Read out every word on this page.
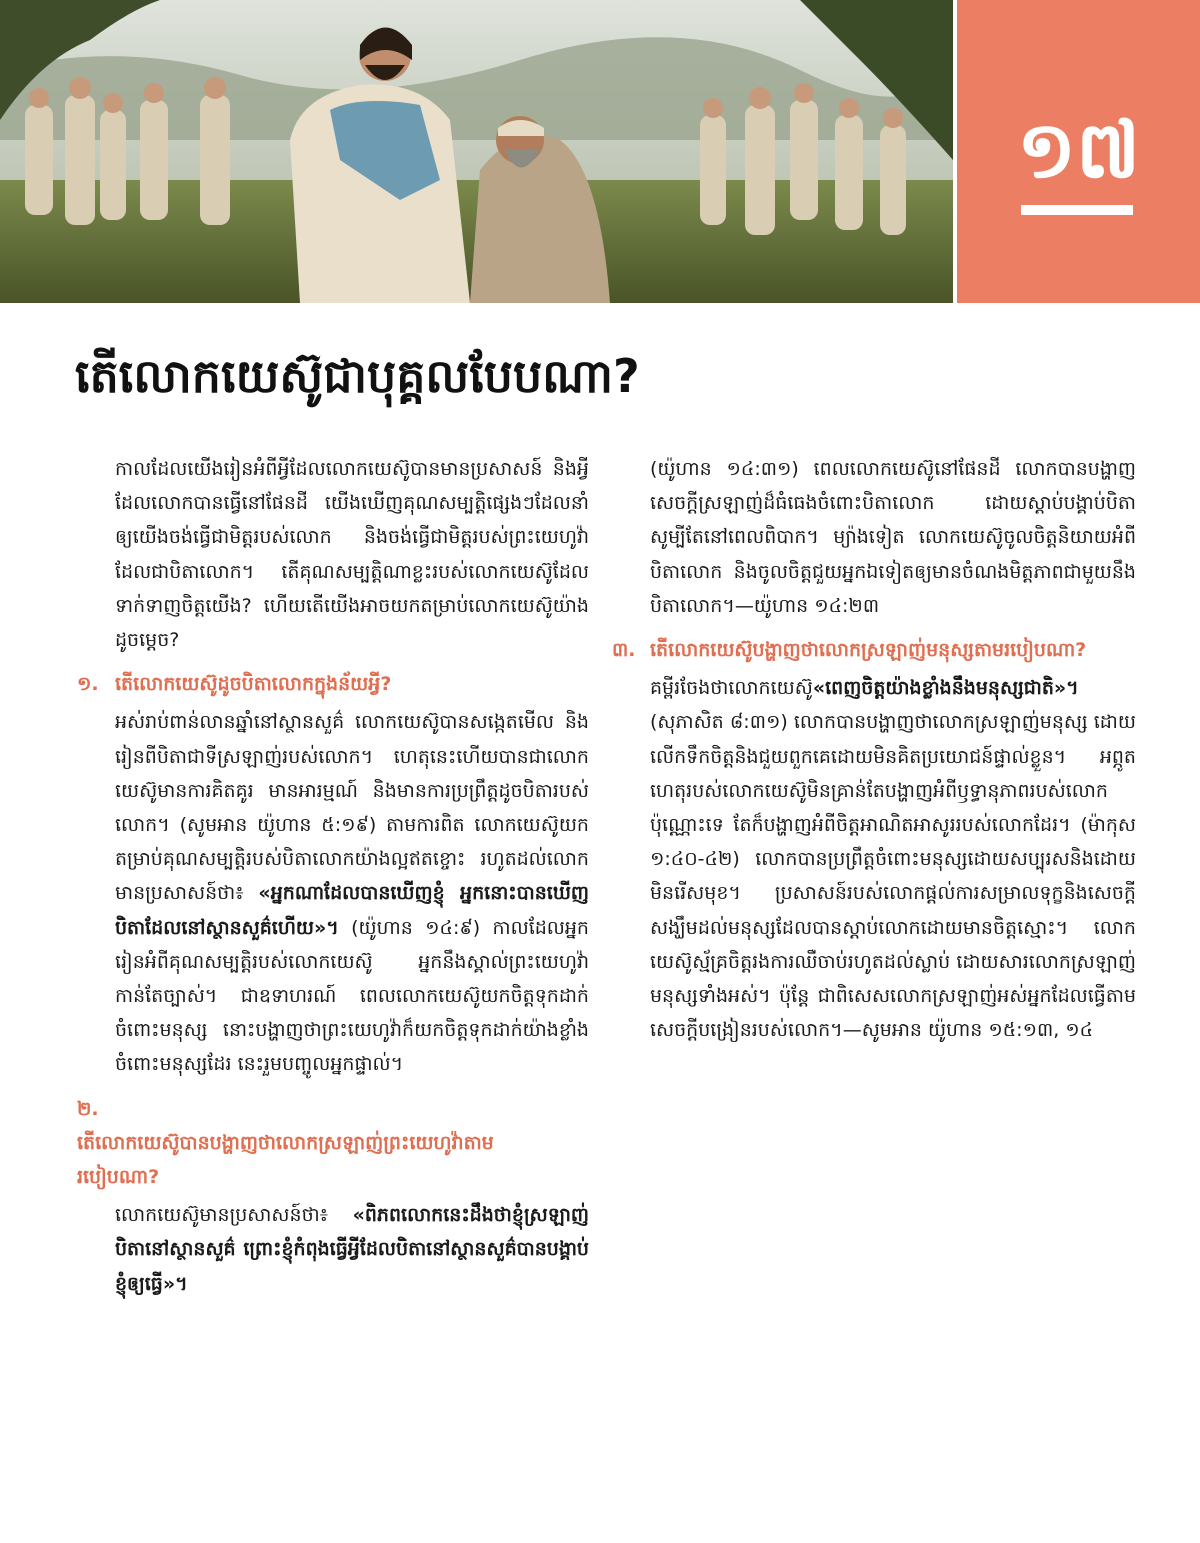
១៧
តើលោកយេស៊ូជាបុគ្គលបែបណា?

កាលដែលយើងរៀនអំពីអ្វីដែលលោកយេស៊ូបានមានប្រសាសន៍ និងអ្វីដែលលោកបានធ្វើនៅផែនដី យើងឃើញគុណសម្បត្តិផ្សេងៗដែលនាំឲ្យយើងចង់ធ្វើជាមិត្តរបស់លោក និងចង់ធ្វើជាមិត្តរបស់ព្រះយេហូវ៉ាដែលជាបិតាលោក។ តើគុណសម្បត្តិណាខ្លះរបស់លោកយេស៊ូដែលទាក់ទាញចិត្តយើង? ហើយតើយើងអាចយកតម្រាប់លោកយេស៊ូយ៉ាងដូចម្ដេច?

១. តើលោកយេស៊ូដូចបិតាលោកក្នុងន័យអ្វី?

អស់រាប់ពាន់លានឆ្នាំនៅស្ថានសួគ៌ លោកយេស៊ូបានសង្កេតមើល និងរៀនពីបិតាជាទីស្រឡាញ់របស់លោក។ ហេតុនេះហើយបានជាលោកយេស៊ូមានការគិតគូរ មានអារម្មណ៍ និងមានការប្រព្រឹត្តដូចបិតារបស់លោក។ (សូមអាន យ៉ូហាន ៥:១៩) តាមការពិត លោកយេស៊ូយកតម្រាប់គុណសម្បត្តិរបស់បិតាលោកយ៉ាងល្អឥតខ្ចោះ រហូតដល់លោកមានប្រសាសន៍ថា៖ «អ្នកណាដែលបានឃើញខ្ញុំ អ្នកនោះបានឃើញបិតាដែលនៅស្ថានសួគ៌ហើយ»។ (យ៉ូហាន ១៤:៩) កាលដែលអ្នករៀនអំពីគុណសម្បត្តិរបស់លោកយេស៊ូ អ្នកនឹងស្គាល់ព្រះយេហូវ៉ាកាន់តែច្បាស់។ ជាឧទាហរណ៍ ពេលលោកយេស៊ូយកចិត្តទុកដាក់ចំពោះមនុស្ស នោះបង្ហាញថាព្រះយេហូវ៉ាក៏យកចិត្តទុកដាក់យ៉ាងខ្លាំងចំពោះមនុស្សដែរ នេះរួមបញ្ចូលអ្នកផ្ទាល់។

២.តើលោកយេស៊ូបានបង្ហាញថាលោកស្រឡាញ់ព្រះយេហូវ៉ាតាមរបៀបណា?

លោកយេស៊ូមានប្រសាសន៍ថា៖ «ពិភពលោកនេះដឹងថាខ្ញុំស្រឡាញ់បិតានៅស្ថានសួគ៌ ព្រោះខ្ញុំកំពុងធ្វើអ្វីដែលបិតានៅស្ថានសួគ៌បានបង្គាប់ខ្ញុំឲ្យធ្វើ»។

(យ៉ូហាន ១៤:៣១) ពេលលោកយេស៊ូនៅផែនដី លោកបានបង្ហាញសេចក្ដីស្រឡាញ់ដ៏ធំធេងចំពោះបិតាលោក ដោយស្ដាប់បង្គាប់បិតាសូម្បីតែនៅពេលពិបាក។ ម្យ៉ាងទៀត លោកយេស៊ូចូលចិត្តនិយាយអំពីបិតាលោក និងចូលចិត្តជួយអ្នកឯទៀតឲ្យមានចំណងមិត្តភាពជាមួយនឹងបិតាលោក។—យ៉ូហាន ១៤:២៣

៣. តើលោកយេស៊ូបង្ហាញថាលោកស្រឡាញ់មនុស្សតាមរបៀបណា?

គម្ពីរចែងថាលោកយេស៊ូ«ពេញចិត្តយ៉ាងខ្លាំងនឹងមនុស្សជាតិ»។ (សុភាសិត ៨:៣១) លោកបានបង្ហាញថាលោកស្រឡាញ់មនុស្ស ដោយលើកទឹកចិត្តនិងជួយពួកគេដោយមិនគិតប្រយោជន៍ផ្ទាល់ខ្លួន។ អព្ភូតហេតុរបស់លោកយេស៊ូមិនគ្រាន់តែបង្ហាញអំពីឫទ្ធានុភាពរបស់លោកប៉ុណ្ណោះទេ តែក៏បង្ហាញអំពីចិត្តអាណិតអាសូររបស់លោកដែរ។ (ម៉ាកុស ១:៤០-៤២) លោកបានប្រព្រឹត្តចំពោះមនុស្សដោយសប្បុរសនិងដោយមិនរើសមុខ។ ប្រសាសន៍របស់លោកផ្ដល់ការសម្រាលទុក្ខនិងសេចក្ដីសង្ឃឹមដល់មនុស្សដែលបានស្ដាប់លោកដោយមានចិត្តស្មោះ។ លោកយេស៊ូស្ម័គ្រចិត្តរងការឈឺចាប់រហូតដល់ស្លាប់ ដោយសារលោកស្រឡាញ់មនុស្សទាំងអស់។ ប៉ុន្តែ ជាពិសេសលោកស្រឡាញ់អស់អ្នកដែលធ្វើតាមសេចក្ដីបង្រៀនរបស់លោក។—សូមអាន យ៉ូហាន ១៥:១៣, ១៤
